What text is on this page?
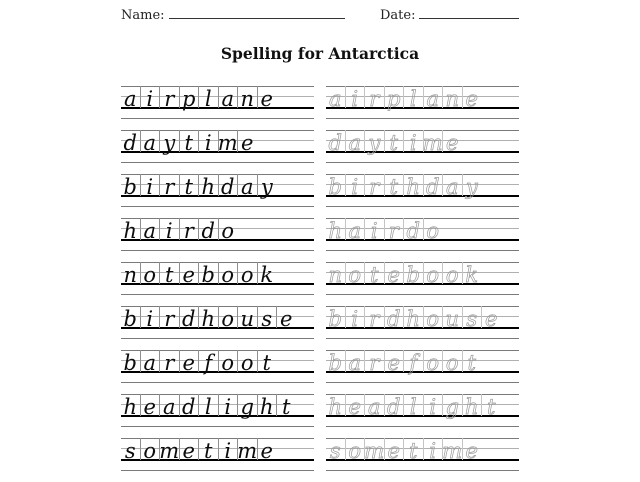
Name:	Date:
Spelling for Antarctica
a i r p l a n e
d a y t i m e
b i r t h d a y
h a i r d o
n o t e b o o k
b i r d h o u s e
b a r e f o o t
h e a d l i g h t
s o m e t i m e
a i r p l a n e
d a y t i m e
b i r t h d a y
h a i r d o
n o t e b o o k
b i r d h o u s e
b a r e f o o t
h e a d l i g h t
s o m e t i m e
